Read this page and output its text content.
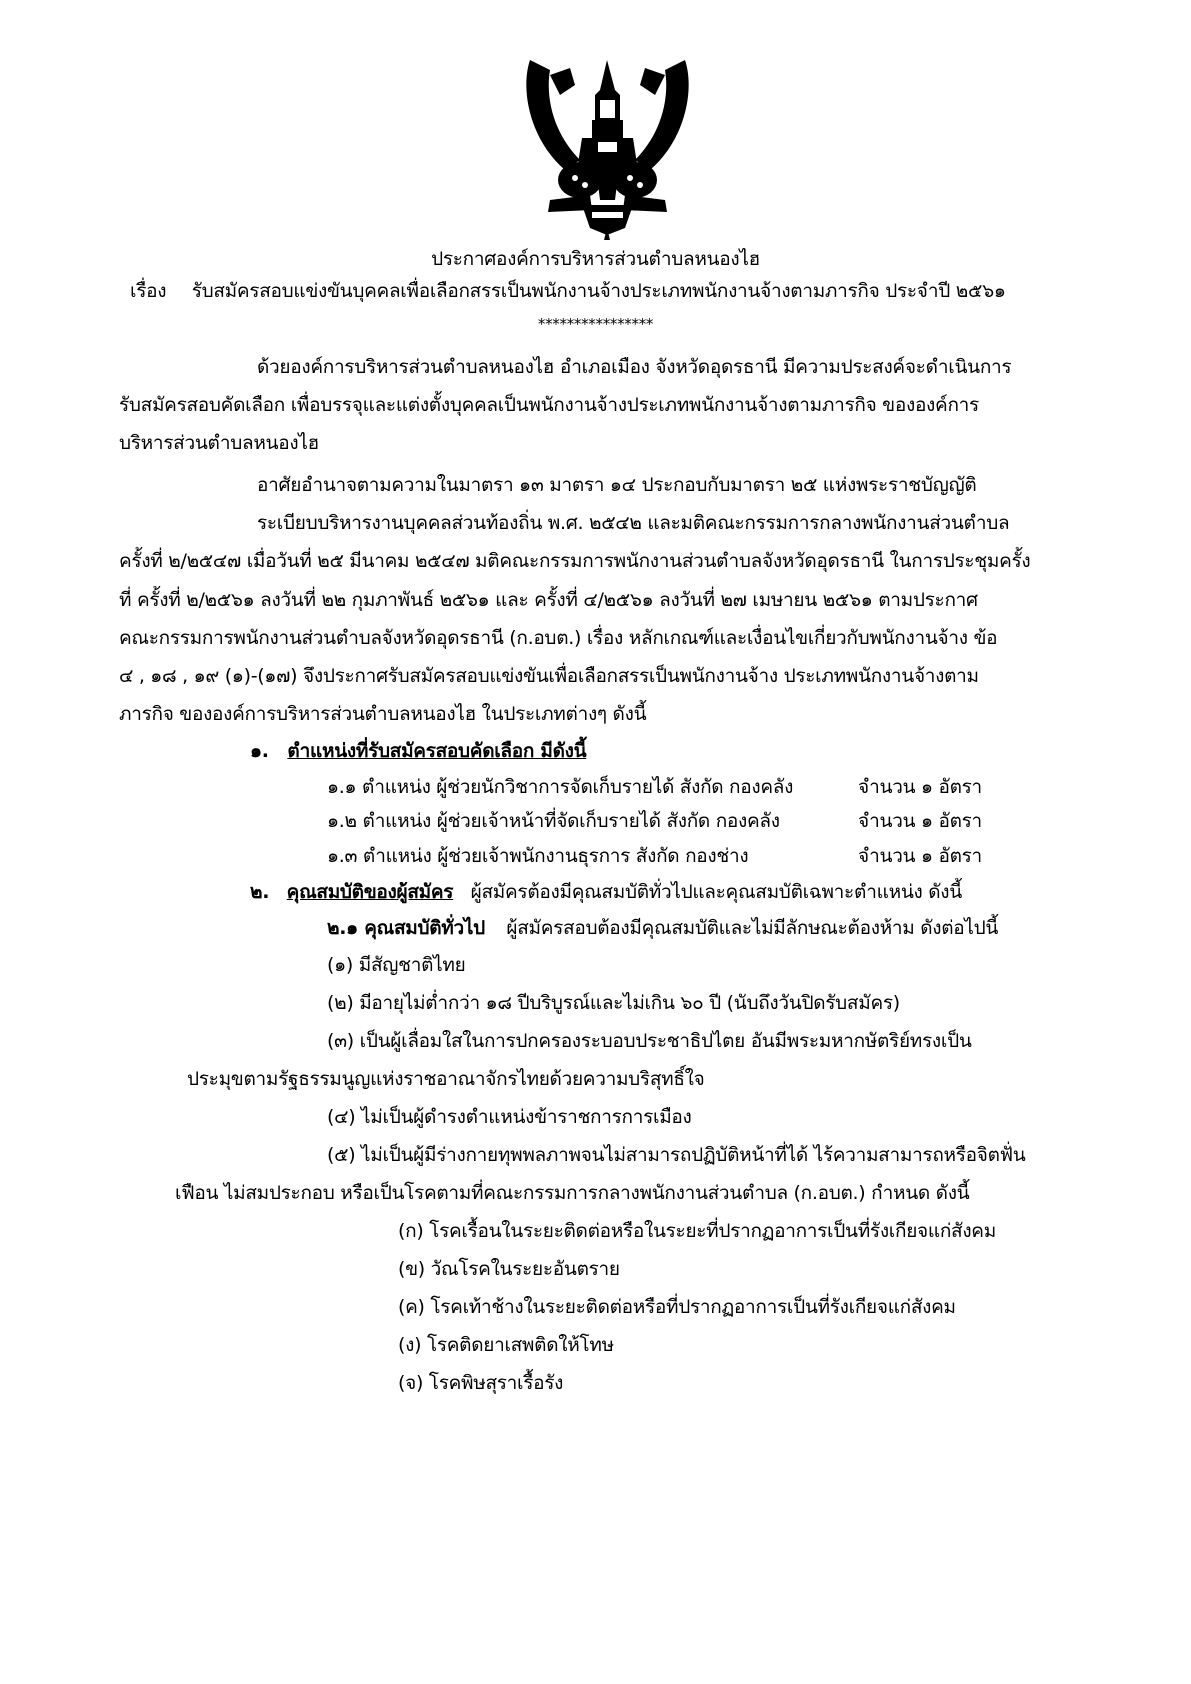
ประกาศองค์การบริหารส่วนตำบลหนองไฮ
เรื่อง รับสมัครสอบแข่งขันบุคคลเพื่อเลือกสรรเป็นพนักงานจ้างประเภทพนักงานจ้างตามภารกิจ ประจำปี ๒๕๖๑
****************
ด้วยองค์การบริหารส่วนตำบลหนองไฮ อำเภอเมือง จังหวัดอุดรธานี มีความประสงค์จะดำเนินการ
รับสมัครสอบคัดเลือก เพื่อบรรจุและแต่งตั้งบุคคลเป็นพนักงานจ้างประเภทพนักงานจ้างตามภารกิจ ขององค์การ
บริหารส่วนตำบลหนองไฮ
อาศัยอำนาจตามความในมาตรา ๑๓ มาตรา ๑๔ ประกอบกับมาตรา ๒๕ แห่งพระราชบัญญัติ
ระเบียบบริหารงานบุคคลส่วนท้องถิ่น พ.ศ. ๒๕๔๒ และมติคณะกรรมการกลางพนักงานส่วนตำบล
ครั้งที่ ๒/๒๕๔๗ เมื่อวันที่ ๒๕ มีนาคม ๒๕๔๗ มติคณะกรรมการพนักงานส่วนตำบลจังหวัดอุดรธานี ในการประชุมครั้ง
ที่ ครั้งที่ ๒/๒๕๖๑ ลงวันที่ ๒๒ กุมภาพันธ์ ๒๕๖๑ และ ครั้งที่ ๔/๒๕๖๑ ลงวันที่ ๒๗ เมษายน ๒๕๖๑ ตามประกาศ
คณะกรรมการพนักงานส่วนตำบลจังหวัดอุดรธานี (ก.อบต.) เรื่อง หลักเกณฑ์และเงื่อนไขเกี่ยวกับพนักงานจ้าง ข้อ
๔ , ๑๘ , ๑๙ (๑)-(๑๗) จึงประกาศรับสมัครสอบแข่งขันเพื่อเลือกสรรเป็นพนักงานจ้าง ประเภทพนักงานจ้างตาม
ภารกิจ ขององค์การบริหารส่วนตำบลหนองไฮ ในประเภทต่างๆ ดังนี้
๑. ตำแหน่งที่รับสมัครสอบคัดเลือก มีดังนี้
๑.๑ ตำแหน่ง ผู้ช่วยนักวิชาการจัดเก็บรายได้ สังกัด กองคลัง	จำนวน ๑ อัตรา
๑.๒ ตำแหน่ง ผู้ช่วยเจ้าหน้าที่จัดเก็บรายได้ สังกัด กองคลัง	จำนวน ๑ อัตรา
๑.๓ ตำแหน่ง ผู้ช่วยเจ้าพนักงานธุรการ สังกัด กองช่าง	จำนวน ๑ อัตรา
๒. คุณสมบัติของผู้สมัคร ผู้สมัครต้องมีคุณสมบัติทั่วไปและคุณสมบัติเฉพาะตำแหน่ง ดังนี้
๒.๑ คุณสมบัติทั่วไป ผู้สมัครสอบต้องมีคุณสมบัติและไม่มีลักษณะต้องห้าม ดังต่อไปนี้
(๑) มีสัญชาติไทย
(๒) มีอายุไม่ต่ำกว่า ๑๘ ปีบริบูรณ์และไม่เกิน ๖๐ ปี (นับถึงวันปิดรับสมัคร)
(๓) เป็นผู้เลื่อมใสในการปกครองระบอบประชาธิปไตย อันมีพระมหากษัตริย์ทรงเป็น
ประมุขตามรัฐธรรมนูญแห่งราชอาณาจักรไทยด้วยความบริสุทธิ์ใจ
(๔) ไม่เป็นผู้ดำรงตำแหน่งข้าราชการการเมือง
(๕) ไม่เป็นผู้มีร่างกายทุพพลภาพจนไม่สามารถปฏิบัติหน้าที่ได้ ไร้ความสามารถหรือจิตฟั่น
เฟือน ไม่สมประกอบ หรือเป็นโรคตามที่คณะกรรมการกลางพนักงานส่วนตำบล (ก.อบต.) กำหนด ดังนี้
(ก) โรคเรื้อนในระยะติดต่อหรือในระยะที่ปรากฏอาการเป็นที่รังเกียจแก่สังคม
(ข) วัณโรคในระยะอันตราย
(ค) โรคเท้าช้างในระยะติดต่อหรือที่ปรากฏอาการเป็นที่รังเกียจแก่สังคม
(ง) โรคติดยาเสพติดให้โทษ
(จ) โรคพิษสุราเรื้อรัง
